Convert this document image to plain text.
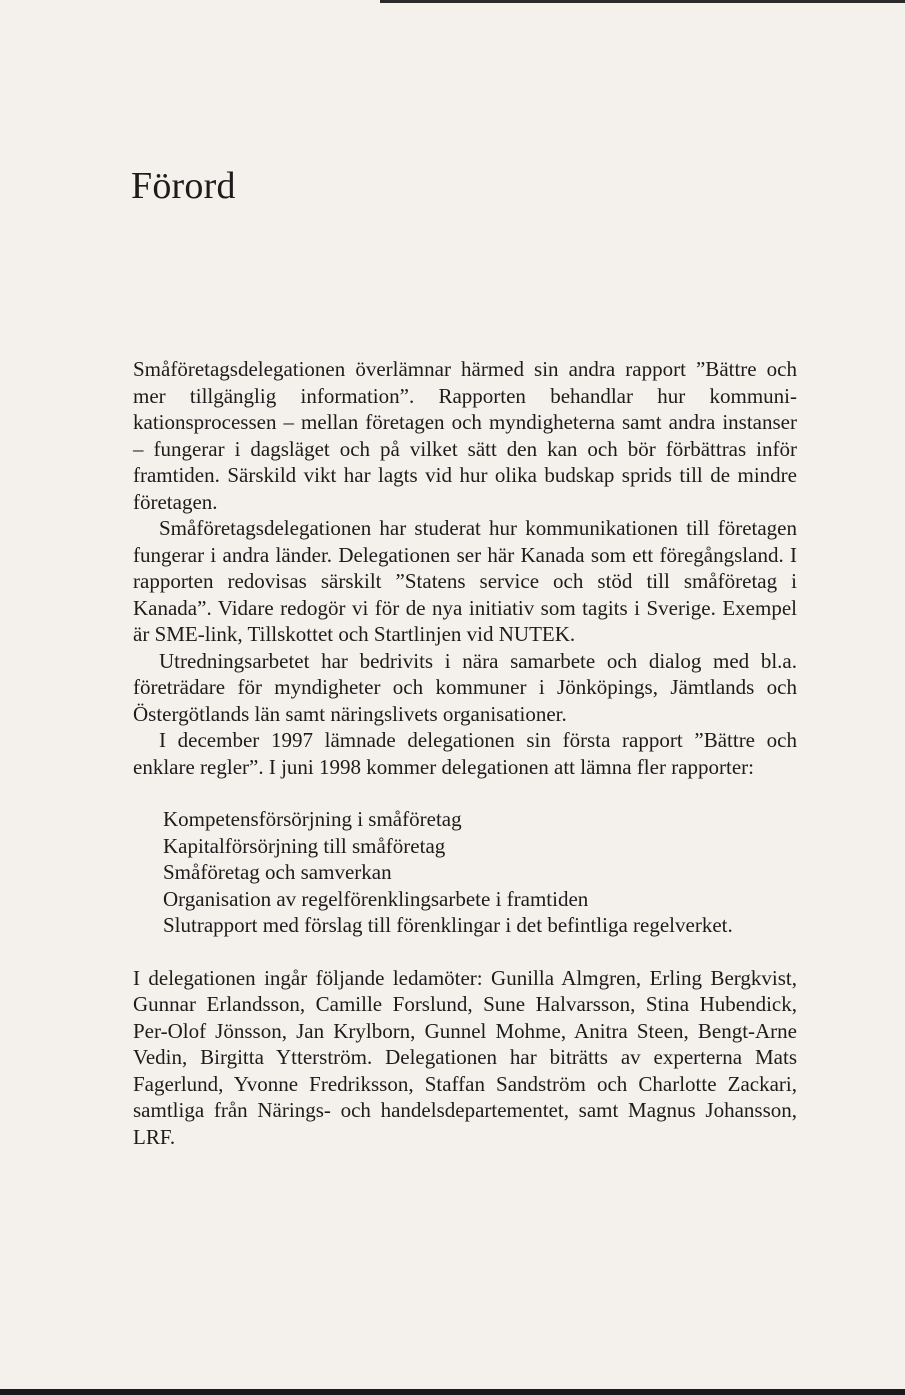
Förord

Småföretagsdelegationen överlämnar härmed sin andra rapport ”Bättre och mer tillgänglig information”. Rapporten behandlar hur kommunikationsprocessen – mellan företagen och myndigheterna samt andra instanser – fungerar i dagsläget och på vilket sätt den kan och bör förbättras inför framtiden. Särskild vikt har lagts vid hur olika budskap sprids till de mindre företagen.

Småföretagsdelegationen har studerat hur kommunikationen till företagen fungerar i andra länder. Delegationen ser här Kanada som ett föregångsland. I rapporten redovisas särskilt ”Statens service och stöd till småföretag i Kanada”. Vidare redogör vi för de nya initiativ som tagits i Sverige. Exempel är SME-link, Tillskottet och Startlinjen vid NUTEK.

Utredningsarbetet har bedrivits i nära samarbete och dialog med bl.a. företrädare för myndigheter och kommuner i Jönköpings, Jämtlands och Östergötlands län samt näringslivets organisationer.

I december 1997 lämnade delegationen sin första rapport ”Bättre och enklare regler”. I juni 1998 kommer delegationen att lämna fler rapporter:

Kompetensförsörjning i småföretag
Kapitalförsörjning till småföretag
Småföretag och samverkan
Organisation av regelförenklingsarbete i framtiden
Slutrapport med förslag till förenklingar i det befintliga regelverket.

I delegationen ingår följande ledamöter: Gunilla Almgren, Erling Bergkvist, Gunnar Erlandsson, Camille Forslund, Sune Halvarsson, Stina Hubendick, Per-Olof Jönsson, Jan Krylborn, Gunnel Mohme, Anitra Steen, Bengt-Arne Vedin, Birgitta Ytterström. Delegationen har biträtts av experterna Mats Fagerlund, Yvonne Fredriksson, Staffan Sandström och Charlotte Zackari, samtliga från Närings- och handelsdepartementet, samt Magnus Johansson, LRF.
